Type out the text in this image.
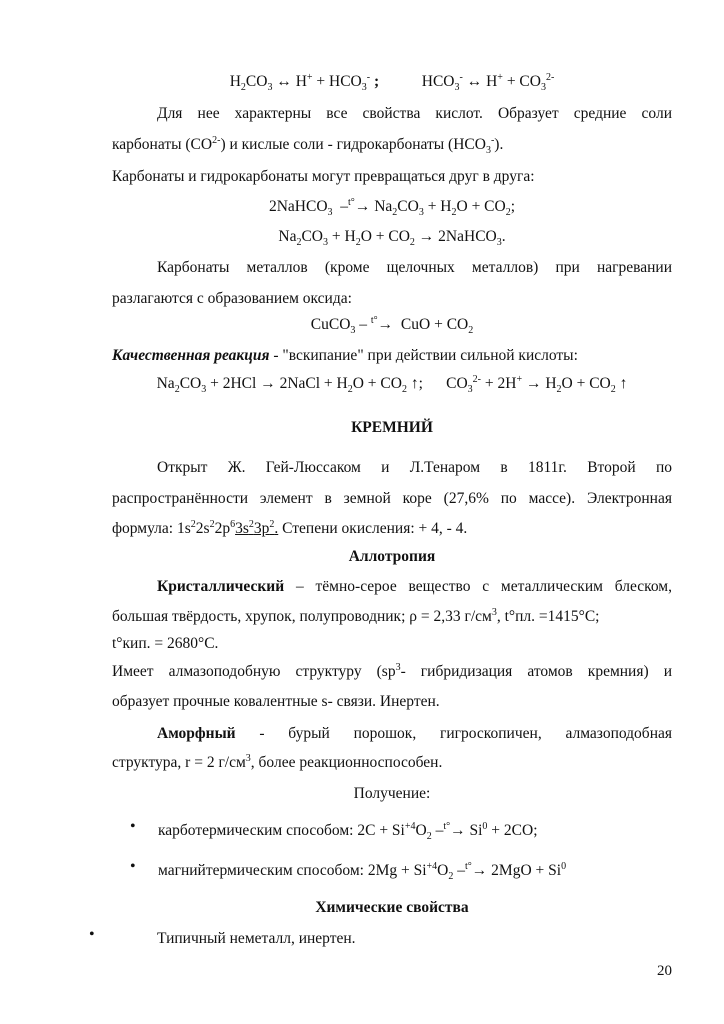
$H_2CO_3$ ↔ $H^+ + HCO_3^-$ ;           $HCO_3^-$ ↔ $H^+ + CO_3^{2-}$
Для нее характерны все свойства кислот. Образует средние соли
карбонаты $(CO^{2-})$ и кислые соли - гидрокарбонаты $(HCO_3^-)$.
Карбонаты и гидрокарбонаты могут превращаться друг в друга:
2NaHCO$_3$  $-^{t^\circ}\to Na_2CO_3 + H_2O + CO_2$;
$Na_2CO_3 + H_2O + CO_2$ → 2NaHCO$_3$.
Карбонаты металлов (кроме щелочных металлов) при нагревании
разлагаются с образованием оксида:
CuCO$_3$ – $^{t^\circ}$→  CuO + $CO_2$
Качественная реакция - "вскипание" при действии сильной кислоты:
$Na_2CO_3 + 2HCl$ → 2NaCl + $H_2O + CO_2$ ↑;      $CO_3^{2-} + 2H^+ \to H_2O + CO_2$ ↑
КРЕМНИЙ
Открыт Ж. Гей-Люссаком и Л.Тенаром в 1811г. Второй по
распространённости элемент в земной коре (27,6% по массе). Электронная
формула: $1s^22s^22p^63s^23p^2$. Степени окисления: + 4, - 4.
Аллотропия
Кристаллический – тёмно-серое вещество с металлическим блеском,
большая твёрдость, хрупок, полупроводник; ρ = 2,33 $г/см^3$, t°пл. =1415°С;
t°кип. = 2680°С.
Имеет алмазоподобную структуру ($sp^3-$ гибридизация атомов кремния) и
образует прочные ковалентные s- связи. Инертен.
Аморфный - бурый порошок, гигроскопичен, алмазоподобная
структура, r = 2 $г/см^3$, более реакционноспособен.
Получение:
•	карботермическим способом: $2C + Si^{+4}O_2$ $-^{t^\circ}\to Si^0 + 2CO$;
•	магнийтермическим способом: $2Mg + Si^{+4}O_2$ $-^{t^\circ}\to 2MgO + Si^0$
Химические свойства
•	Типичный неметалл, инертен.
20
